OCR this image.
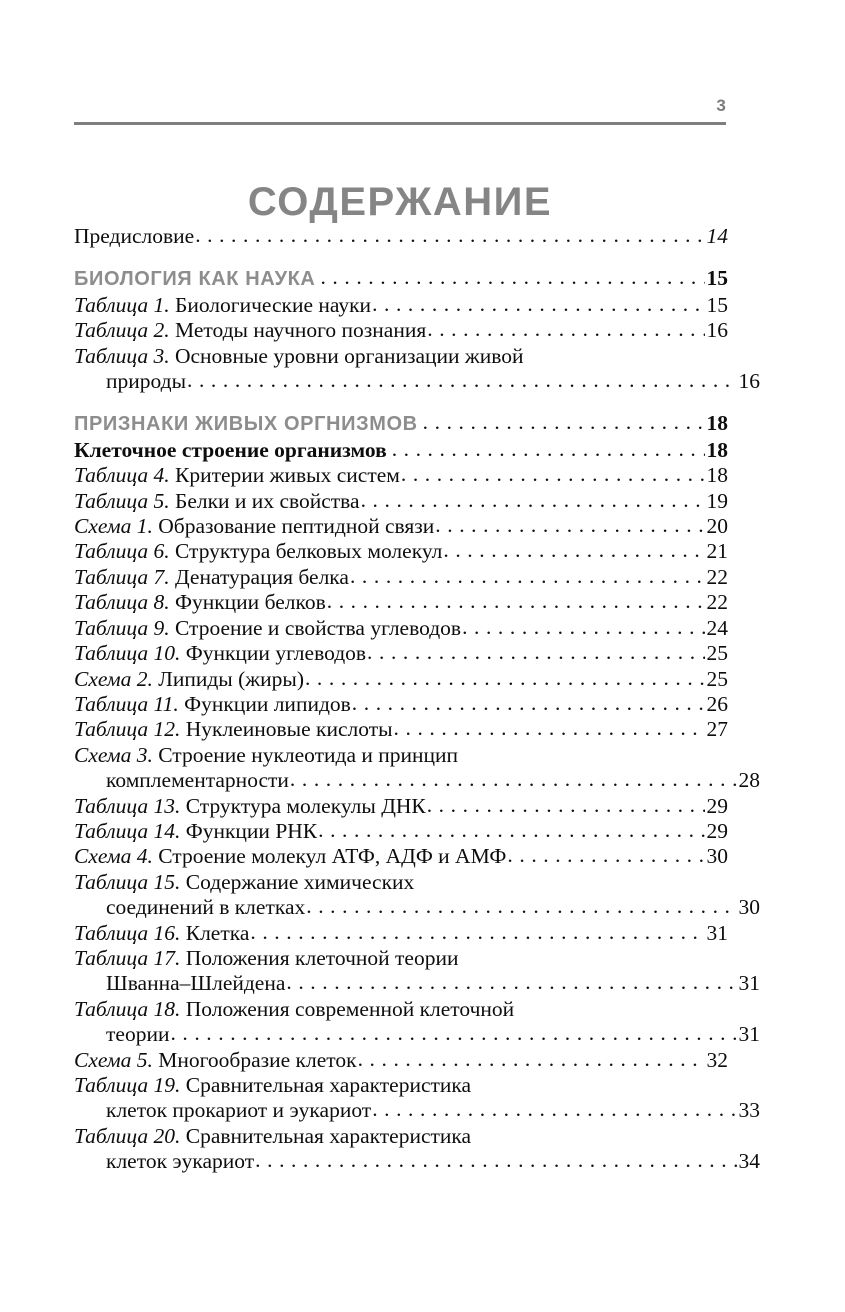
3
СОДЕРЖАНИЕ
Предисловие . . .	14
БИОЛОГИЯ КАК НАУКА . . .	15
Таблица 1. Биологические науки . . .	15
Таблица 2. Методы научного познания . . .	16
Таблица 3. Основные уровни организации живой
природы . . .	16
ПРИЗНАКИ ЖИВЫХ ОРГНИЗМОВ . . .	18
Клеточное строение организмов . . .	18
Таблица 4. Критерии живых систем . . .	18
Таблица 5. Белки и их свойства . . .	19
Схема 1. Образование пептидной связи . . .	20
Таблица 6. Структура белковых молекул . . .	21
Таблица 7. Денатурация белка . . .	22
Таблица 8. Функции белков . . .	22
Таблица 9. Строение и свойства углеводов . . .	24
Таблица 10. Функции углеводов . . .	25
Схема 2. Липиды (жиры) . . .	25
Таблица 11. Функции липидов . . .	26
Таблица 12. Нуклеиновые кислоты . . .	27
Схема 3. Строение нуклеотида и принцип
комплементарности . . .	28
Таблица 13. Структура молекулы ДНК . . .	29
Таблица 14. Функции РНК . . .	29
Схема 4. Строение молекул АТФ, АДФ и АМФ . . .	30
Таблица 15. Содержание химических
соединений в клетках . . .	30
Таблица 16. Клетка . . .	31
Таблица 17. Положения клеточной теории
Шванна–Шлейдена . . .	31
Таблица 18. Положения современной клеточной
теории . . .	31
Схема 5. Многообразие клеток . . .	32
Таблица 19. Сравнительная характеристика
клеток прокариот и эукариот . . .	33
Таблица 20. Сравнительная характеристика
клеток эукариот . . .	34
